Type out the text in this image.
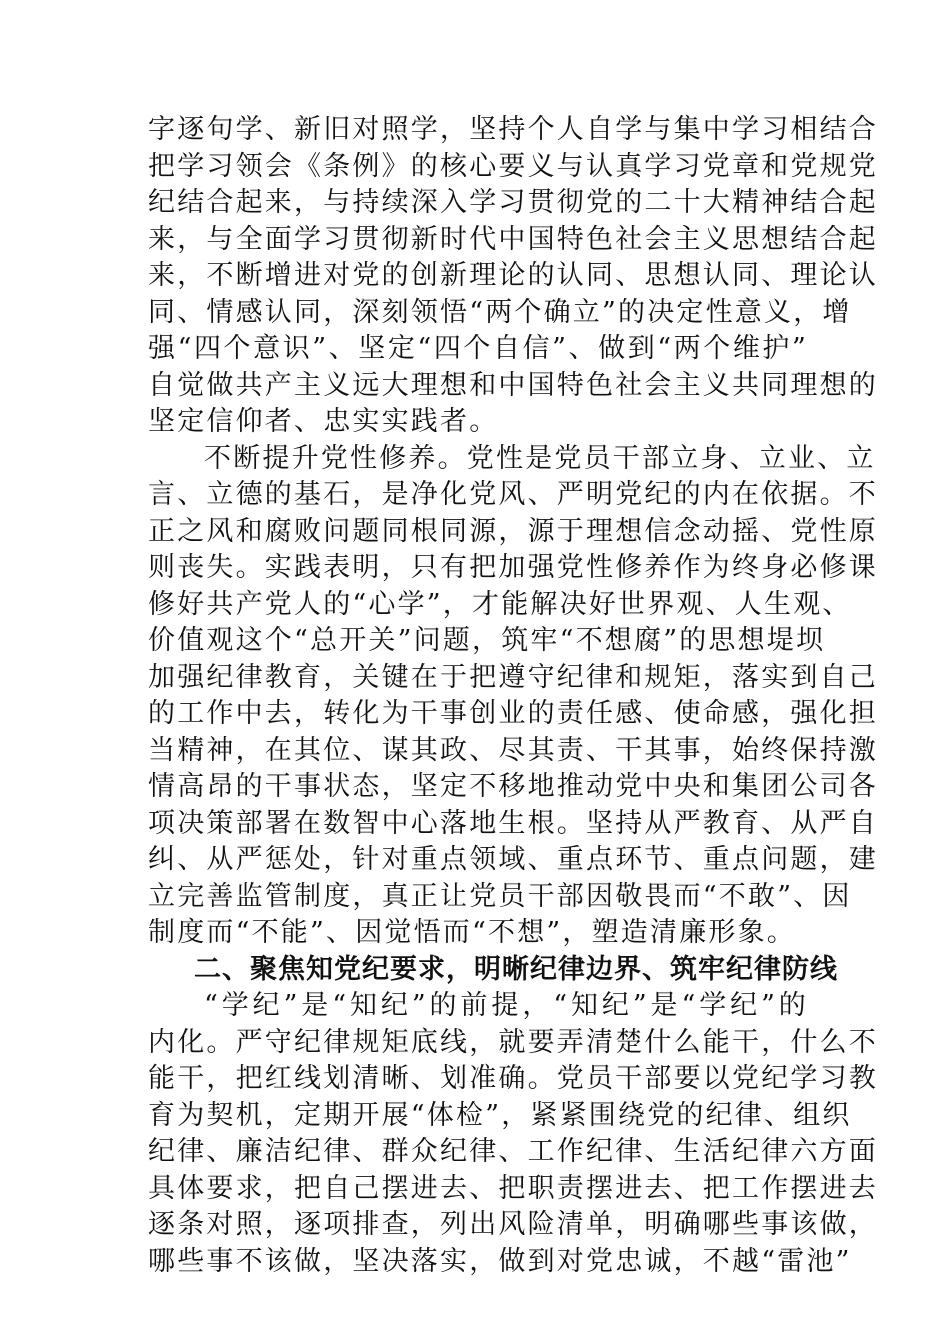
字逐句学、新旧对照学，坚持个人自学与集中学习相结合
把学习领会《条例》的核心要义与认真学习党章和党规党
纪结合起来，与持续深入学习贯彻党的二十大精神结合起
来，与全面学习贯彻新时代中国特色社会主义思想结合起
来，不断增进对党的创新理论的认同、思想认同、理论认
同、情感认同，深刻领悟“两个确立”的决定性意义，增
强“四个意识”、坚定“四个自信”、做到“两个维护”
自觉做共产主义远大理想和中国特色社会主义共同理想的
坚定信仰者、忠实实践者。
不断提升党性修养。党性是党员干部立身、立业、立
言、立德的基石，是净化党风、严明党纪的内在依据。不
正之风和腐败问题同根同源，源于理想信念动摇、党性原
则丧失。实践表明，只有把加强党性修养作为终身必修课
修好共产党人的“心学”，才能解决好世界观、人生观、
价值观这个“总开关”问题，筑牢“不想腐”的思想堤坝
加强纪律教育，关键在于把遵守纪律和规矩，落实到自己
的工作中去，转化为干事创业的责任感、使命感，强化担
当精神，在其位、谋其政、尽其责、干其事，始终保持激
情高昂的干事状态，坚定不移地推动党中央和集团公司各
项决策部署在数智中心落地生根。坚持从严教育、从严自
纠、从严惩处，针对重点领域、重点环节、重点问题，建
立完善监管制度，真正让党员干部因敬畏而“不敢”、因
制度而“不能”、因觉悟而“不想”，塑造清廉形象。
二、聚焦知党纪要求，明晰纪律边界、筑牢纪律防线
“学纪”是“知纪”的前提，“知纪”是“学纪”的
内化。严守纪律规矩底线，就要弄清楚什么能干，什么不
能干，把红线划清晰、划准确。党员干部要以党纪学习教
育为契机，定期开展“体检”，紧紧围绕党的纪律、组织
纪律、廉洁纪律、群众纪律、工作纪律、生活纪律六方面
具体要求，把自己摆进去、把职责摆进去、把工作摆进去
逐条对照，逐项排查，列出风险清单，明确哪些事该做，
哪些事不该做，坚决落实，做到对党忠诚，不越“雷池”
